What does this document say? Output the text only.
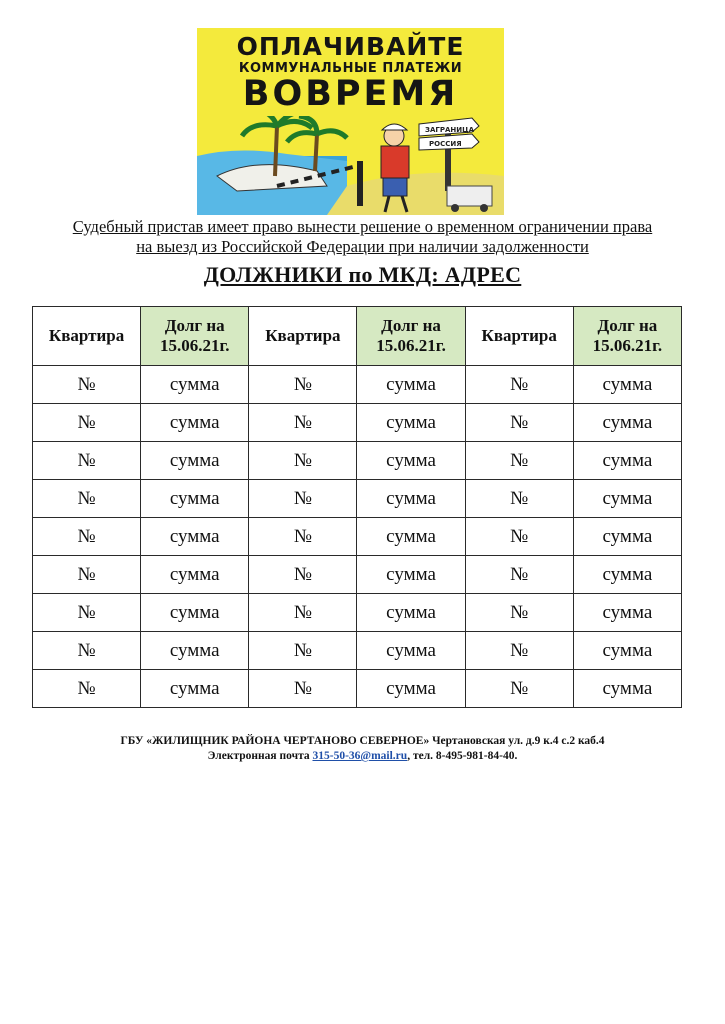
ОПЛАЧИВАЙТЕ
КОММУНАЛЬНЫЕ ПЛАТЕЖИ
ВОВРЕМЯ
ЗАГРАНИЦА
РОССИЯ
Судебный пристав имеет право вынести решение о временном ограничении права
на выезд из Российской Федерации при наличии задолженности
ДОЛЖНИКИ по МКД: АДРЕС
Квартира	Долг на 15.06.21г.	Квартира	Долг на 15.06.21г.	Квартира	Долг на 15.06.21г.
№	сумма	№	сумма	№	сумма
№	сумма	№	сумма	№	сумма
№	сумма	№	сумма	№	сумма
№	сумма	№	сумма	№	сумма
№	сумма	№	сумма	№	сумма
№	сумма	№	сумма	№	сумма
№	сумма	№	сумма	№	сумма
№	сумма	№	сумма	№	сумма
№	сумма	№	сумма	№	сумма
ГБУ «ЖИЛИЩНИК РАЙОНА ЧЕРТАНОВО СЕВЕРНОЕ» Чертановская ул. д.9 к.4 с.2 каб.4
Электронная почта 315-50-36@mail.ru, тел. 8-495-981-84-40.
